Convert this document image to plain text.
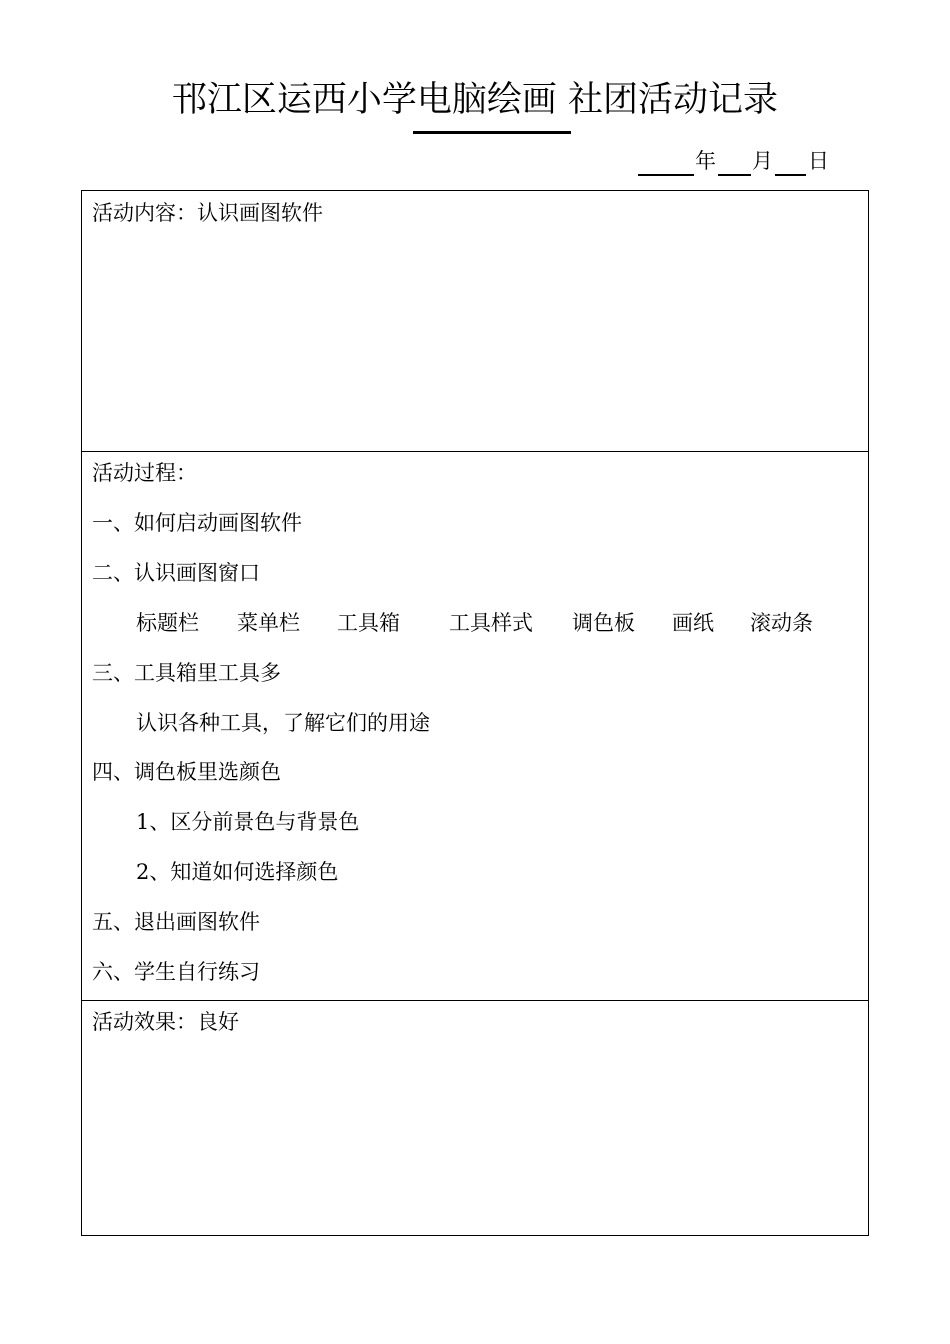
邗江区运西小学电脑绘画 社团活动记录
年 月 日
活动内容：认识画图软件
活动过程：
一、如何启动画图软件
二、认识画图窗口
标题栏 菜单栏 工具箱 工具样式 调色板 画纸 滚动条
三、工具箱里工具多
认识各种工具，了解它们的用途
四、调色板里选颜色
1、区分前景色与背景色
2、知道如何选择颜色
五、退出画图软件
六、学生自行练习
活动效果：良好
